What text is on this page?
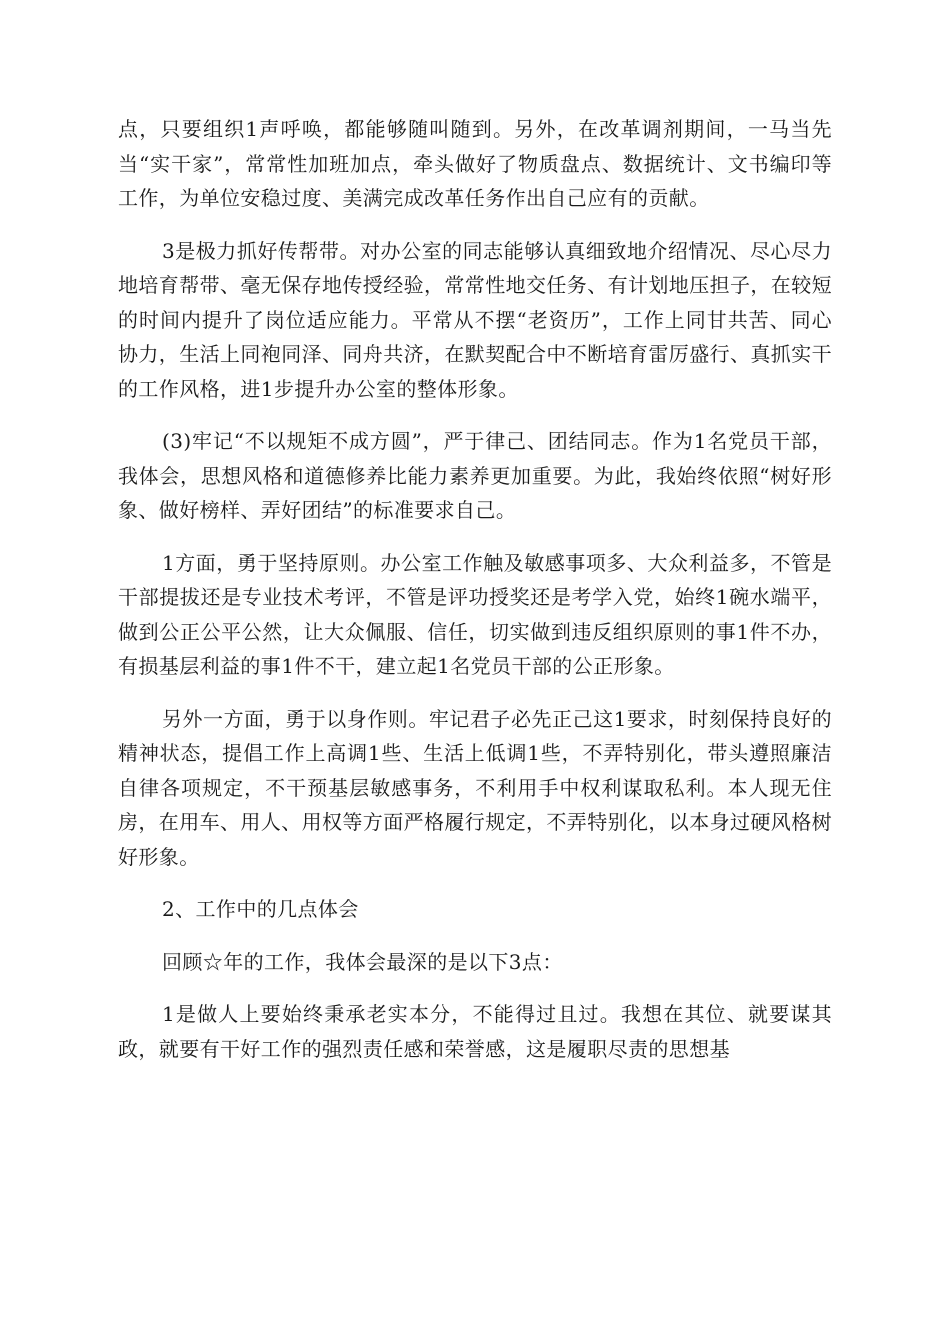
点，只要组织1声呼唤，都能够随叫随到。另外，在改革调剂期间，一马当先当“实干家”，常常性加班加点，牵头做好了物质盘点、数据统计、文书编印等工作，为单位安稳过度、美满完成改革任务作出自己应有的贡献。

3是极力抓好传帮带。对办公室的同志能够认真细致地介绍情况、尽心尽力地培育帮带、毫无保存地传授经验，常常性地交任务、有计划地压担子，在较短的时间内提升了岗位适应能力。平常从不摆“老资历”，工作上同甘共苦、同心协力，生活上同袍同泽、同舟共济，在默契配合中不断培育雷厉盛行、真抓实干的工作风格，进1步提升办公室的整体形象。

(3)牢记“不以规矩不成方圆”，严于律己、团结同志。作为1名党员干部，我体会，思想风格和道德修养比能力素养更加重要。为此，我始终依照“树好形象、做好榜样、弄好团结”的标准要求自己。

1方面，勇于坚持原则。办公室工作触及敏感事项多、大众利益多，不管是干部提拔还是专业技术考评，不管是评功授奖还是考学入党，始终1碗水端平，做到公正公平公然，让大众佩服、信任，切实做到违反组织原则的事1件不办，有损基层利益的事1件不干，建立起1名党员干部的公正形象。

另外一方面，勇于以身作则。牢记君子必先正己这1要求，时刻保持良好的精神状态，提倡工作上高调1些、生活上低调1些，不弄特别化，带头遵照廉洁自律各项规定，不干预基层敏感事务，不利用手中权利谋取私利。本人现无住房，在用车、用人、用权等方面严格履行规定，不弄特别化，以本身过硬风格树好形象。

2、工作中的几点体会

回顾☆年的工作，我体会最深的是以下3点：

1是做人上要始终秉承老实本分，不能得过且过。我想在其位、就要谋其政，就要有干好工作的强烈责任感和荣誉感，这是履职尽责的思想基
